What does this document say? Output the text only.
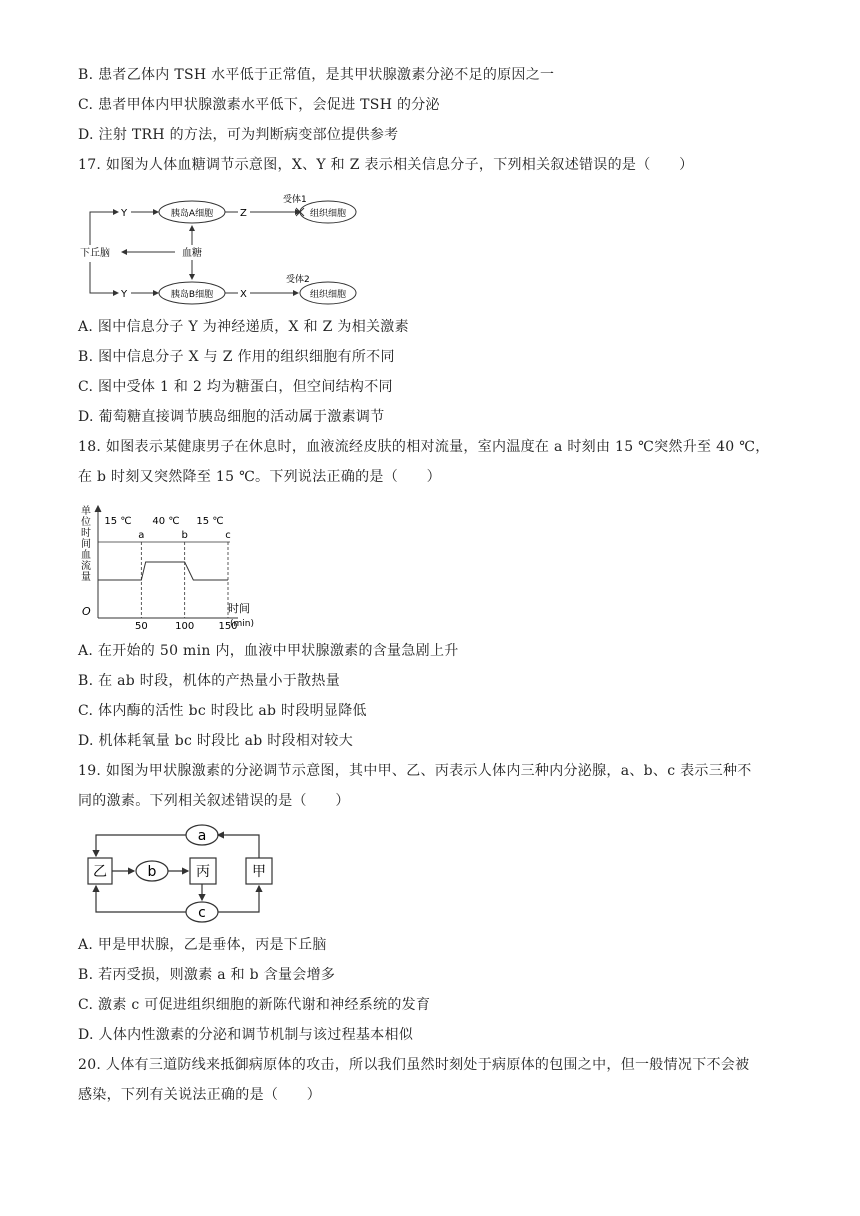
B. 患者乙体内 TSH 水平低于正常值，是其甲状腺激素分泌不足的原因之一
C. 患者甲体内甲状腺激素水平低下，会促进 TSH 的分泌
D. 注射 TRH 的方法，可为判断病变部位提供参考
17. 如图为人体血糖调节示意图，X、Y 和 Z 表示相关信息分子，下列相关叙述错误的是（　　）
下丘脑
Y
Y
胰岛A细胞
胰岛B细胞
Z
X
受体1
受体2
组织细胞
组织细胞
血糖
A. 图中信息分子 Y 为神经递质，X 和 Z 为相关激素
B. 图中信息分子 X 与 Z 作用的组织细胞有所不同
C. 图中受体 1 和 2 均为糖蛋白，但空间结构不同
D. 葡萄糖直接调节胰岛细胞的活动属于激素调节
18. 如图表示某健康男子在休息时，血液流经皮肤的相对流量，室内温度在 a 时刻由 15 ℃突然升至 40 ℃，
在 b 时刻又突然降至 15 ℃。下列说法正确的是（　　）
O
单
位
时
间
血
流
量
时间
(min)
50	100 150
a	b	c
15 ℃ 40 ℃ 15 ℃
A. 在开始的 50 min 内，血液中甲状腺激素的含量急剧上升
B. 在 ab 时段，机体的产热量小于散热量
C. 体内酶的活性 bc 时段比 ab 时段明显降低
D. 机体耗氧量 bc 时段比 ab 时段相对较大
19. 如图为甲状腺激素的分泌调节示意图，其中甲、乙、丙表示人体内三种内分泌腺，a、b、c 表示三种不
同的激素。下列相关叙述错误的是（　　）
乙	丙	甲
a
b
c
A. 甲是甲状腺，乙是垂体，丙是下丘脑
B. 若丙受损，则激素 a 和 b 含量会增多
C. 激素 c 可促进组织细胞的新陈代谢和神经系统的发育
D. 人体内性激素的分泌和调节机制与该过程基本相似
20. 人体有三道防线来抵御病原体的攻击，所以我们虽然时刻处于病原体的包围之中，但一般情况下不会被
感染，下列有关说法正确的是（　　）
